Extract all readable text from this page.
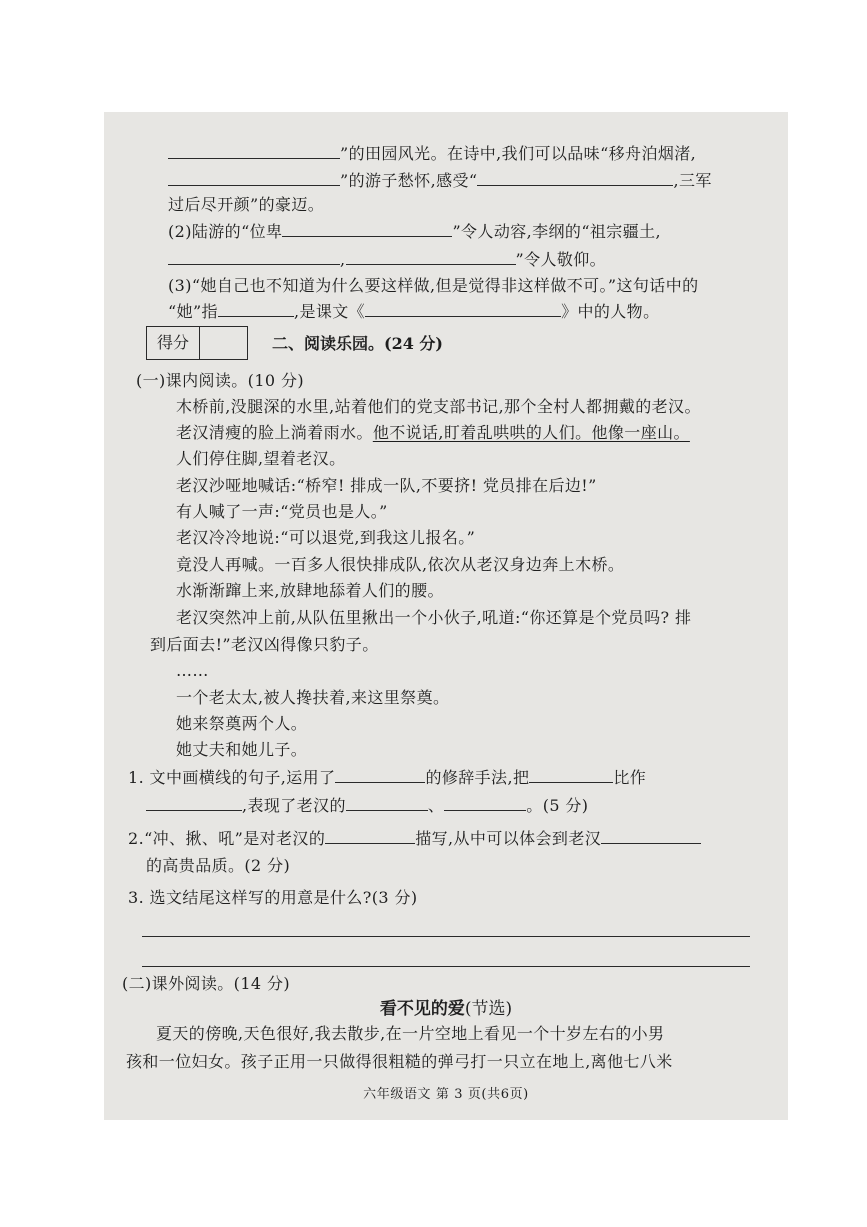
”的田园风光。在诗中,我们可以品味“移舟泊烟渚,
”的游子愁怀,感受“	,三军
过后尽开颜”的豪迈。
(2)陆游的“位卑	”令人动容,李纲的“祖宗疆土,
,	”令人敬仰。
(3)“她自己也不知道为什么要这样做,但是觉得非这样做不可。”这句话中的
“她”指	,是课文《	》中的人物。
得分	二、阅读乐园。(24 分)
(一)课内阅读。(10 分)
木桥前,没腿深的水里,站着他们的党支部书记,那个全村人都拥戴的老汉。
老汉清瘦的脸上淌着雨水。他不说话,盯着乱哄哄的人们。他像一座山。
人们停住脚,望着老汉。
老汉沙哑地喊话:“桥窄! 排成一队,不要挤! 党员排在后边!”
有人喊了一声:“党员也是人。”
老汉冷冷地说:“可以退党,到我这儿报名。”
竟没人再喊。一百多人很快排成队,依次从老汉身边奔上木桥。
水渐渐蹿上来,放肆地舔着人们的腰。
老汉突然冲上前,从队伍里揪出一个小伙子,吼道:“你还算是个党员吗? 排
到后面去!”老汉凶得像只豹子。
……
一个老太太,被人搀扶着,来这里祭奠。
她来祭奠两个人。
她丈夫和她儿子。
1. 文中画横线的句子,运用了	的修辞手法,把	比作
,表现了老汉的	、	。(5 分)
2.“冲、揪、吼”是对老汉的	描写,从中可以体会到老汉
的高贵品质。(2 分)
3. 选文结尾这样写的用意是什么?(3 分)
(二)课外阅读。(14 分)
看不见的爱(节选)
夏天的傍晚,天色很好,我去散步,在一片空地上看见一个十岁左右的小男
孩和一位妇女。孩子正用一只做得很粗糙的弹弓打一只立在地上,离他七八米
六年级语文 第 3 页(共6页)
